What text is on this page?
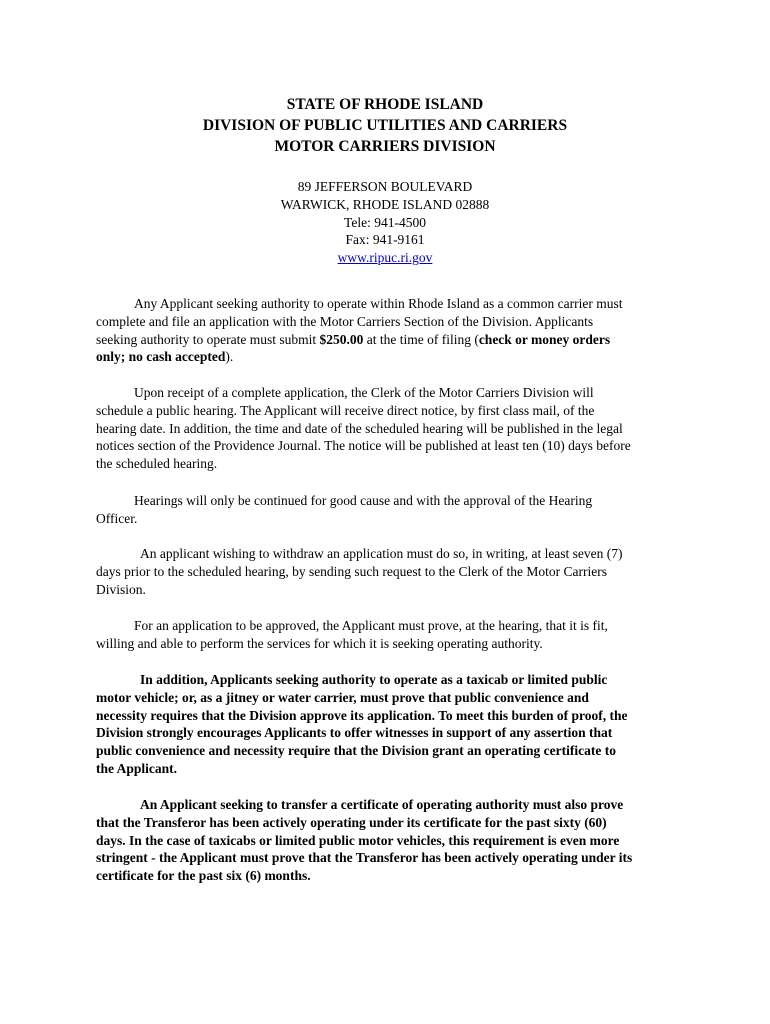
STATE OF RHODE ISLAND
DIVISION OF PUBLIC UTILITIES AND CARRIERS
MOTOR CARRIERS DIVISION
89 JEFFERSON BOULEVARD
WARWICK, RHODE ISLAND 02888
Tele: 941-4500
Fax: 941-9161
www.ripuc.ri.gov

Any Applicant seeking authority to operate within Rhode Island as a common carrier must complete and file an application with the Motor Carriers Section of the Division. Applicants seeking authority to operate must submit $250.00 at the time of filing (check or money orders only; no cash accepted).

Upon receipt of a complete application, the Clerk of the Motor Carriers Division will schedule a public hearing. The Applicant will receive direct notice, by first class mail, of the hearing date. In addition, the time and date of the scheduled hearing will be published in the legal notices section of the Providence Journal. The notice will be published at least ten (10) days before the scheduled hearing.

Hearings will only be continued for good cause and with the approval of the Hearing Officer.

An applicant wishing to withdraw an application must do so, in writing, at least seven (7) days prior to the scheduled hearing, by sending such request to the Clerk of the Motor Carriers Division.

For an application to be approved, the Applicant must prove, at the hearing, that it is fit, willing and able to perform the services for which it is seeking operating authority.

In addition, Applicants seeking authority to operate as a taxicab or limited public motor vehicle; or, as a jitney or water carrier, must prove that public convenience and necessity requires that the Division approve its application. To meet this burden of proof, the Division strongly encourages Applicants to offer witnesses in support of any assertion that public convenience and necessity require that the Division grant an operating certificate to the Applicant.

An Applicant seeking to transfer a certificate of operating authority must also prove that the Transferor has been actively operating under its certificate for the past sixty (60) days. In the case of taxicabs or limited public motor vehicles, this requirement is even more stringent - the Applicant must prove that the Transferor has been actively operating under its certificate for the past six (6) months.
